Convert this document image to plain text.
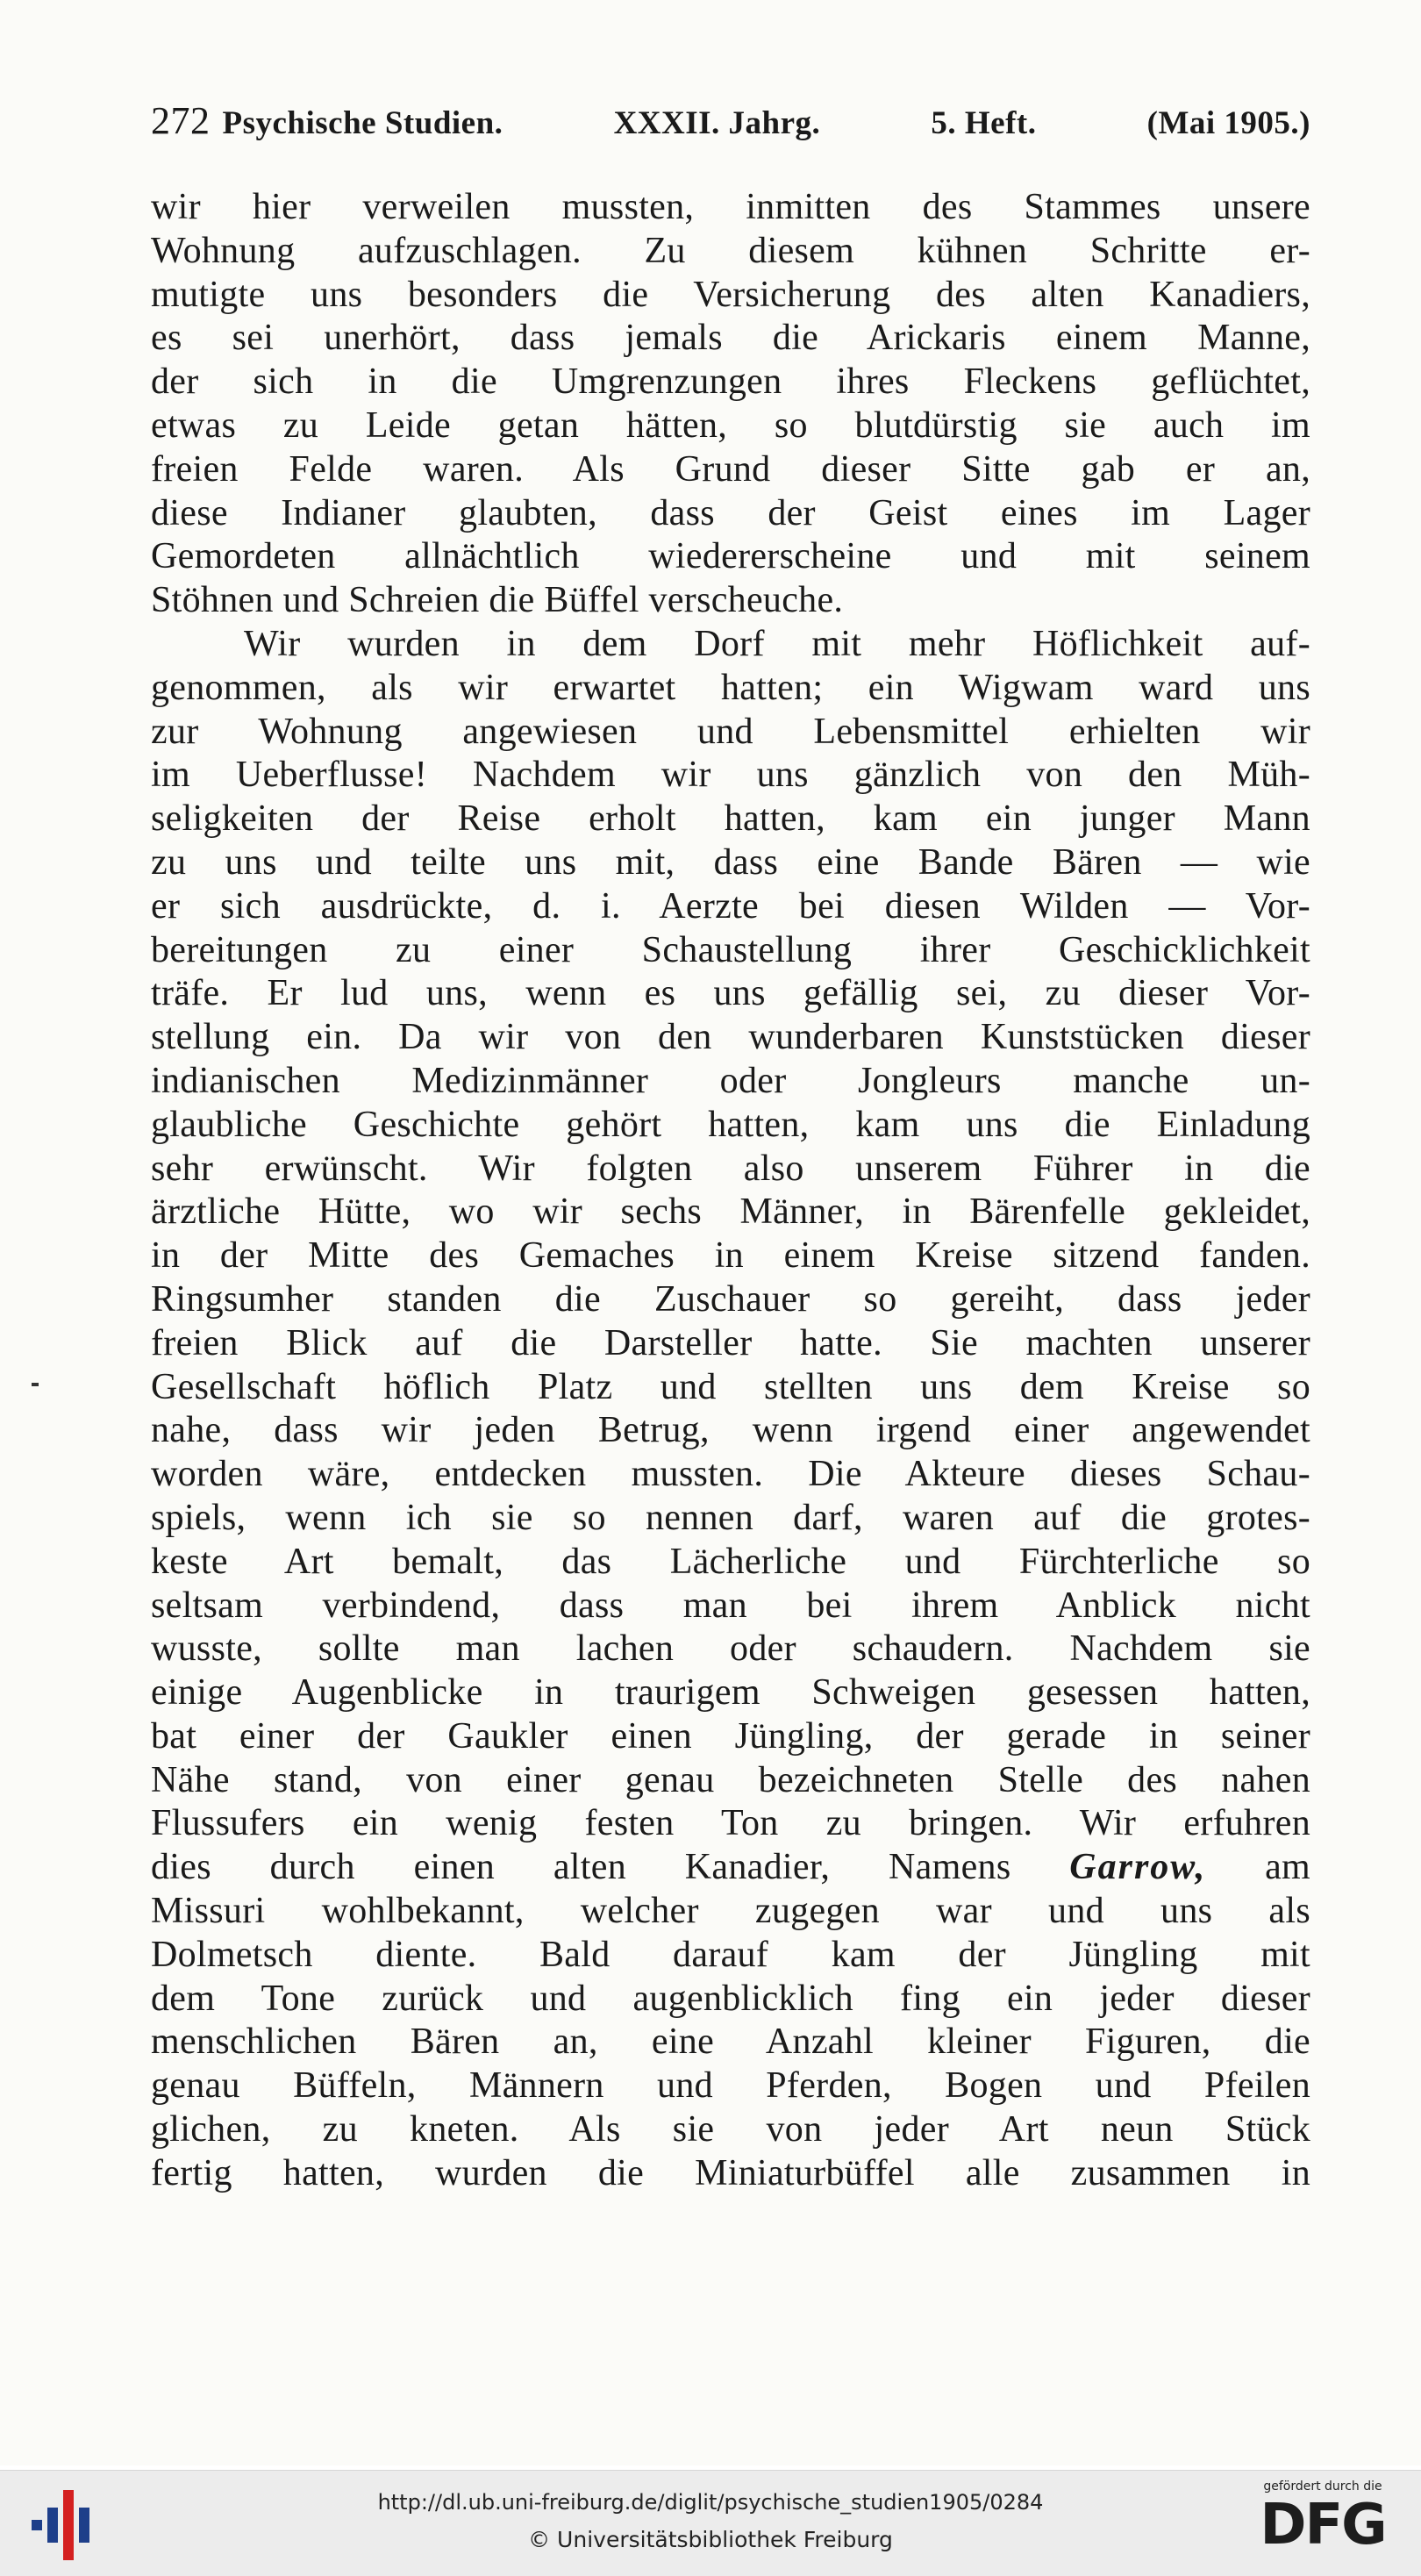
272 Psychische Studien.	XXXII. Jahrg.	5. Heft.	(Mai 1905.)
wir hier verweilen mussten, inmitten des Stammes unsere
Wohnung aufzuschlagen. Zu diesem kühnen Schritte er-
mutigte uns besonders die Versicherung des alten Kanadiers,
es sei unerhört, dass jemals die Arickaris einem Manne,
der sich in die Umgrenzungen ihres Fleckens geflüchtet,
etwas zu Leide getan hätten, so blutdürstig sie auch im
freien Felde waren. Als Grund dieser Sitte gab er an,
diese Indianer glaubten, dass der Geist eines im Lager
Gemordeten allnächtlich wiedererscheine und mit seinem
Stöhnen und Schreien die Büffel verscheuche.
Wir wurden in dem Dorf mit mehr Höflichkeit auf-
genommen, als wir erwartet hatten; ein Wigwam ward uns
zur Wohnung angewiesen und Lebensmittel erhielten wir
im Ueberflusse! Nachdem wir uns gänzlich von den Müh-
seligkeiten der Reise erholt hatten, kam ein junger Mann
zu uns und teilte uns mit, dass eine Bande Bären — wie
er sich ausdrückte, d. i. Aerzte bei diesen Wilden — Vor-
bereitungen zu einer Schaustellung ihrer Geschicklichkeit
träfe. Er lud uns, wenn es uns gefällig sei, zu dieser Vor-
stellung ein. Da wir von den wunderbaren Kunststücken dieser
indianischen Medizinmänner oder Jongleurs manche un-
glaubliche Geschichte gehört hatten, kam uns die Einladung
sehr erwünscht. Wir folgten also unserem Führer in die
ärztliche Hütte, wo wir sechs Männer, in Bärenfelle gekleidet,
in der Mitte des Gemaches in einem Kreise sitzend fanden.
Ringsumher standen die Zuschauer so gereiht, dass jeder
freien Blick auf die Darsteller hatte. Sie machten unserer
Gesellschaft höflich Platz und stellten uns dem Kreise so
nahe, dass wir jeden Betrug, wenn irgend einer angewendet
worden wäre, entdecken mussten. Die Akteure dieses Schau-
spiels, wenn ich sie so nennen darf, waren auf die grotes-
keste Art bemalt, das Lächerliche und Fürchterliche so
seltsam verbindend, dass man bei ihrem Anblick nicht
wusste, sollte man lachen oder schaudern. Nachdem sie
einige Augenblicke in traurigem Schweigen gesessen hatten,
bat einer der Gaukler einen Jüngling, der gerade in seiner
Nähe stand, von einer genau bezeichneten Stelle des nahen
Flussufers ein wenig festen Ton zu bringen. Wir erfuhren
dies durch einen alten Kanadier, Namens Garrow, am
Missuri wohlbekannt, welcher zugegen war und uns als
Dolmetsch diente. Bald darauf kam der Jüngling mit
dem Tone zurück und augenblicklich fing ein jeder dieser
menschlichen Bären an, eine Anzahl kleiner Figuren, die
genau Büffeln, Männern und Pferden, Bogen und Pfeilen
glichen, zu kneten. Als sie von jeder Art neun Stück
fertig hatten, wurden die Miniaturbüffel alle zusammen in
http://dl.ub.uni-freiburg.de/diglit/psychische_studien1905/0284
© Universitätsbibliothek Freiburg
gefördert durch die
DFG
